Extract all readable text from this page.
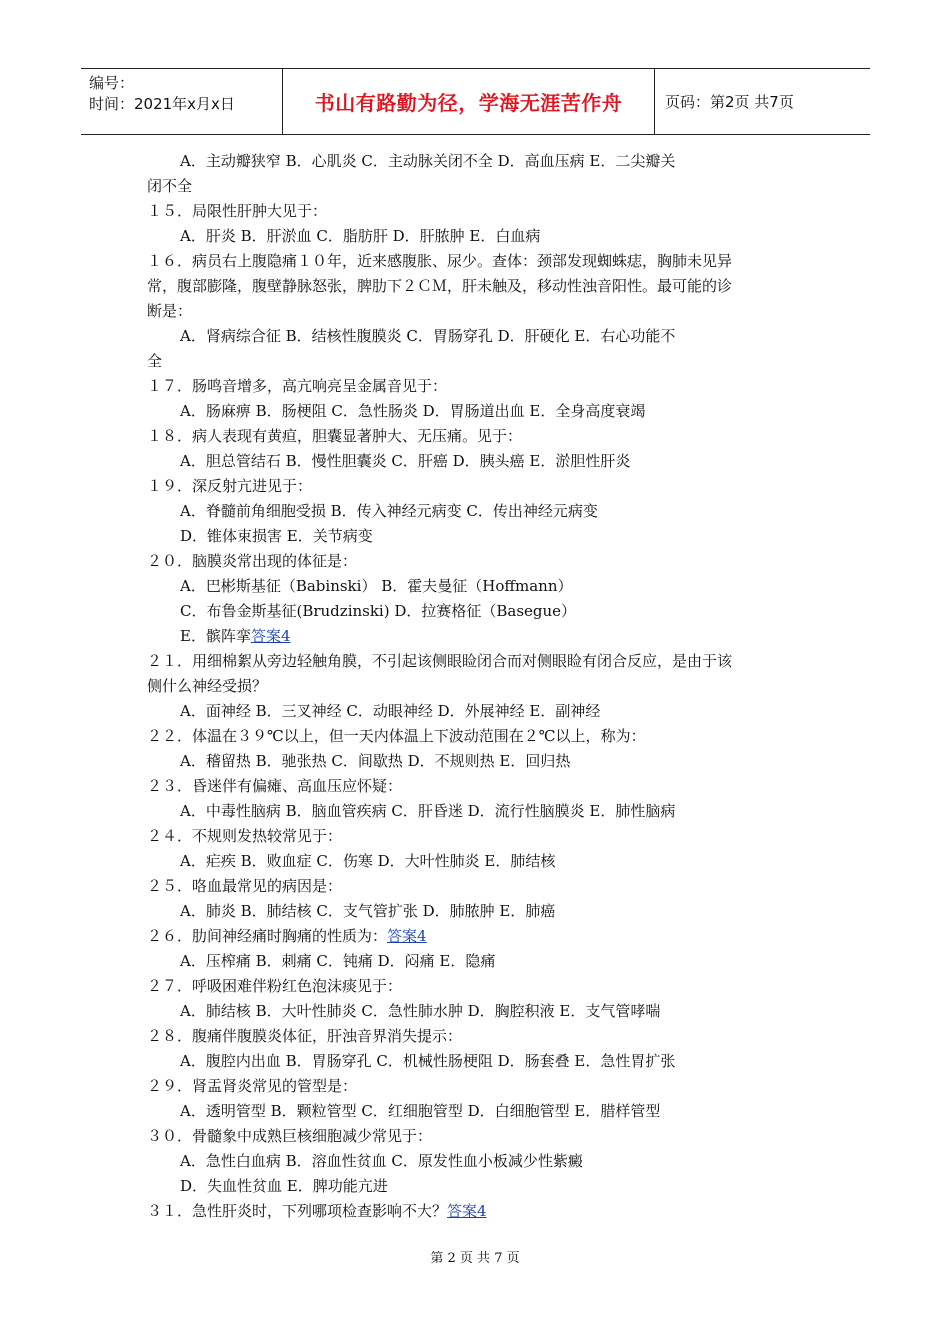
编号：
时间：2021年x月x日	书山有路勤为径，学海无涯苦作舟	页码：第2页 共7页
A．主动瓣狭窄 B．心肌炎 C．主动脉关闭不全 D．高血压病 E．二尖瓣关
闭不全
１５．局限性肝肿大见于：
A．肝炎 B．肝淤血 C．脂肪肝 D．肝脓肿 E．白血病
１６．病员右上腹隐痛１０年，近来感腹胀、尿少。查体：颈部发现蜘蛛痣，胸肺未见异
常，腹部膨隆，腹壁静脉怒张，脾肋下２ＣＭ，肝未触及，移动性浊音阳性。最可能的诊
断是：
A．肾病综合征 B．结核性腹膜炎 C．胃肠穿孔 D．肝硬化 E．右心功能不
全
１７．肠鸣音增多，高亢响亮呈金属音见于：
A．肠麻痹 B．肠梗阻 C．急性肠炎 D．胃肠道出血 E．全身高度衰竭
１８．病人表现有黄疸，胆囊显著肿大、无压痛。见于：
A．胆总管结石 B．慢性胆囊炎 C．肝癌 D．胰头癌 E．淤胆性肝炎
１９．深反射亢进见于：
A．脊髓前角细胞受损 B．传入神经元病变 C．传出神经元病变
D．锥体束损害 E．关节病变
２０．脑膜炎常出现的体征是：
A．巴彬斯基征（Babinski） B．霍夫曼征（Hoffmann）
C．布鲁金斯基征(Brudzinski) D．拉赛格征（Basegue）
E．髌阵挛答案4
２１．用细棉絮从旁边轻触角膜，不引起该侧眼睑闭合而对侧眼睑有闭合反应，是由于该
侧什么神经受损？
A．面神经 B．三叉神经 C．动眼神经 D．外展神经 E．副神经
２２．体温在３９℃以上，但一天内体温上下波动范围在２℃以上，称为：
A．稽留热 B．驰张热 C．间歇热 D．不规则热 E．回归热
２３．昏迷伴有偏瘫、高血压应怀疑：
A．中毒性脑病 B．脑血管疾病 C．肝昏迷 D．流行性脑膜炎 E．肺性脑病
２４．不规则发热较常见于：
A．疟疾 B．败血症 C．伤寒 D．大叶性肺炎 E．肺结核
２５．咯血最常见的病因是：
A．肺炎 B．肺结核 C．支气管扩张 D．肺脓肿 E．肺癌
２６．肋间神经痛时胸痛的性质为：答案4
A．压榨痛 B．刺痛 C．钝痛 D．闷痛 E．隐痛
２７．呼吸困难伴粉红色泡沫痰见于：
A．肺结核 B．大叶性肺炎 C．急性肺水肿 D．胸腔积液 E．支气管哮喘
２８．腹痛伴腹膜炎体征，肝浊音界消失提示：
A．腹腔内出血 B．胃肠穿孔 C．机械性肠梗阻 D．肠套叠 E．急性胃扩张
２９．肾盂肾炎常见的管型是：
A．透明管型 B．颗粒管型 C．红细胞管型 D．白细胞管型 E．腊样管型
３０．骨髓象中成熟巨核细胞减少常见于：
A．急性白血病 B．溶血性贫血 C．原发性血小板减少性紫癜
D．失血性贫血 E．脾功能亢进
３１．急性肝炎时，下列哪项检查影响不大？答案4
第 2 页 共 7 页
